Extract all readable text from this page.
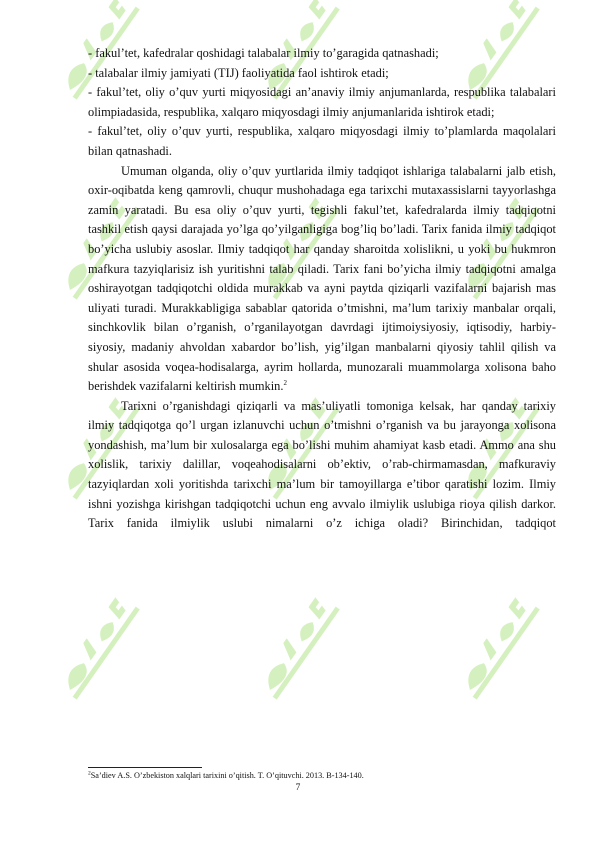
- fakul’tet, kafedralar qoshidagi talabalar ilmiy to’garagida qatnashadi;

- talabalar ilmiy jamiyati (TIJ) faoliyatida faol ishtirok etadi;

- fakul’tet, oliy o’quv yurti miqyosidagi an’anaviy ilmiy anjumanlarda, respublika talabalari olimpiadasida, respublika, xalqaro miqyosdagi ilmiy anjumanlarida ishtirok etadi;

- fakul’tet, oliy o’quv yurti, respublika, xalqaro miqyosdagi ilmiy to’plamlarda maqolalari bilan qatnashadi.

Umuman olganda, oliy o’quv yurtlarida ilmiy tadqiqot ishlariga talabalarni jalb etish, oxir-oqibatda keng qamrovli, chuqur mushohadaga ega tarixchi mutaxassislarni tayyorlashga zamin yaratadi. Bu esa oliy o’quv yurti, tegishli fakul’tet, kafedralarda ilmiy tadqiqotni tashkil etish qaysi darajada yo’lga qo’yilganligiga bog’liq bo’ladi. Tarix fanida ilmiy tadqiqot bo’yicha uslubiy asoslar. Ilmiy tadqiqot har qanday sharoitda xolislikni, u yoki bu hukmron mafkura tazyiqlarisiz ish yuritishni talab qiladi. Tarix fani bo’yicha ilmiy tadqiqotni amalga oshirayotgan tadqiqotchi oldida murakkab va ayni paytda qiziqarli vazifalarni bajarish mas uliyati turadi. Murakkabligiga sabablar qatorida o’tmishni, ma’lum tarixiy manbalar orqali, sinchkovlik bilan o’rganish, o’rganilayotgan davrdagi ijtimoiysiyosiy, iqtisodiy, harbiy-siyosiy, madaniy ahvoldan xabardor bo’lish, yig’ilgan manbalarni qiyosiy tahlil qilish va shular asosida voqea-hodisalarga, ayrim hollarda, munozarali muammolarga xolisona baho berishdek vazifalarni keltirish mumkin.$^2$

Tarixni o’rganishdagi qiziqarli va mas’uliyatli tomoniga kelsak, har qanday tarixiy ilmiy tadqiqotga qo’l urgan izlanuvchi uchun o’tmishni o’rganish va bu jarayonga xolisona yondashish, ma’lum bir xulosalarga ega bo’lishi muhim ahamiyat kasb etadi. Ammo ana shu xolislik, tarixiy dalillar, voqeahodisalarni ob’ektiv, o’rab-chirmamasdan, mafkuraviy tazyiqlardan xoli yoritishda tarixchi ma’lum bir tamoyillarga e’tibor qaratishi lozim. Ilmiy ishni yozishga kirishgan tadqiqotchi uchun eng avvalo ilmiylik uslubiga rioya qilish darkor. Tarix fanida ilmiylik uslubi nimalarni o’z ichiga oladi? Birinchidan, tadqiqot

$^2$Sa’diev A.S. O’zbekiston xalqlari tarixini o’qitish. T. O’qituvchi. 2013. B-134-140.
7
